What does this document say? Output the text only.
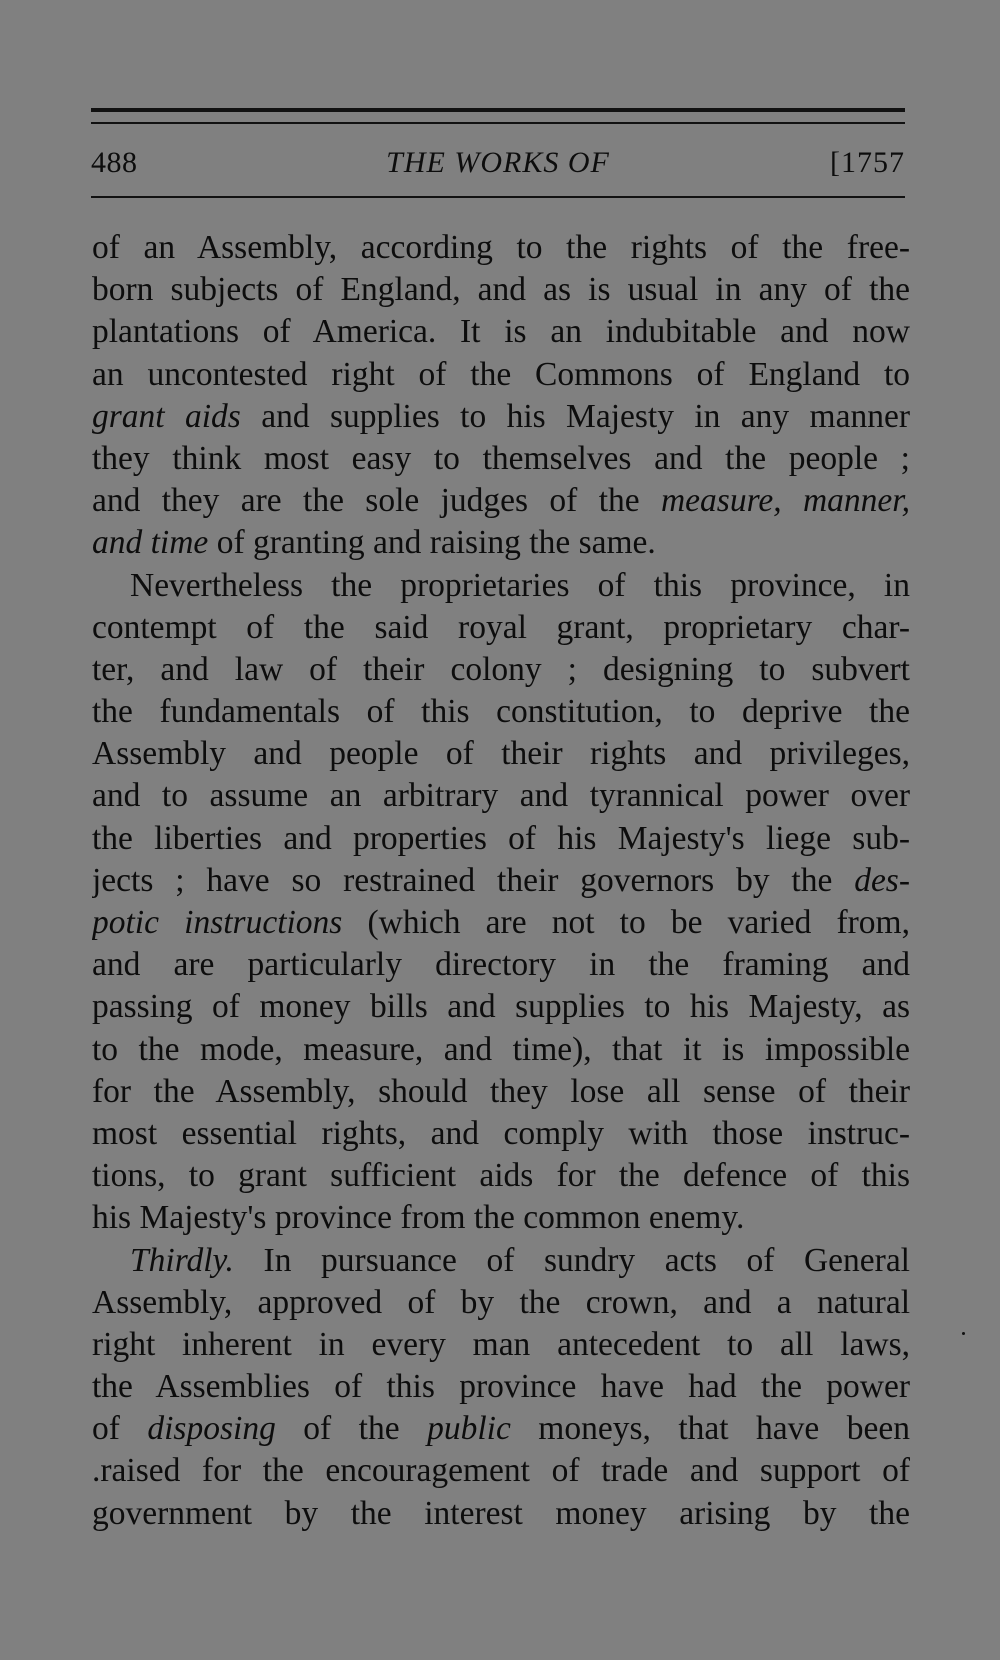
488	THE WORKS OF	[1757
of an Assembly, according to the rights of the free-
born subjects of England, and as is usual in any of the
plantations of America. It is an indubitable and now
an uncontested right of the Commons of England to
grant aids and supplies to his Majesty in any manner
they think most easy to themselves and the people ;
and they are the sole judges of the measure, manner,
and time of granting and raising the same.
Nevertheless the proprietaries of this province, in
contempt of the said royal grant, proprietary char-
ter, and law of their colony ; designing to subvert
the fundamentals of this constitution, to deprive the
Assembly and people of their rights and privileges,
and to assume an arbitrary and tyrannical power over
the liberties and properties of his Majesty's liege sub-
jects ; have so restrained their governors by the des-
potic instructions (which are not to be varied from,
and are particularly directory in the framing and
passing of money bills and supplies to his Majesty, as
to the mode, measure, and time), that it is impossible
for the Assembly, should they lose all sense of their
most essential rights, and comply with those instruc-
tions, to grant sufficient aids for the defence of this
his Majesty's province from the common enemy.
Thirdly. In pursuance of sundry acts of General
Assembly, approved of by the crown, and a natural
right inherent in every man antecedent to all laws,
the Assemblies of this province have had the power
of disposing of the public moneys, that have been
.raised for the encouragement of trade and support of
government by the interest money arising by the
